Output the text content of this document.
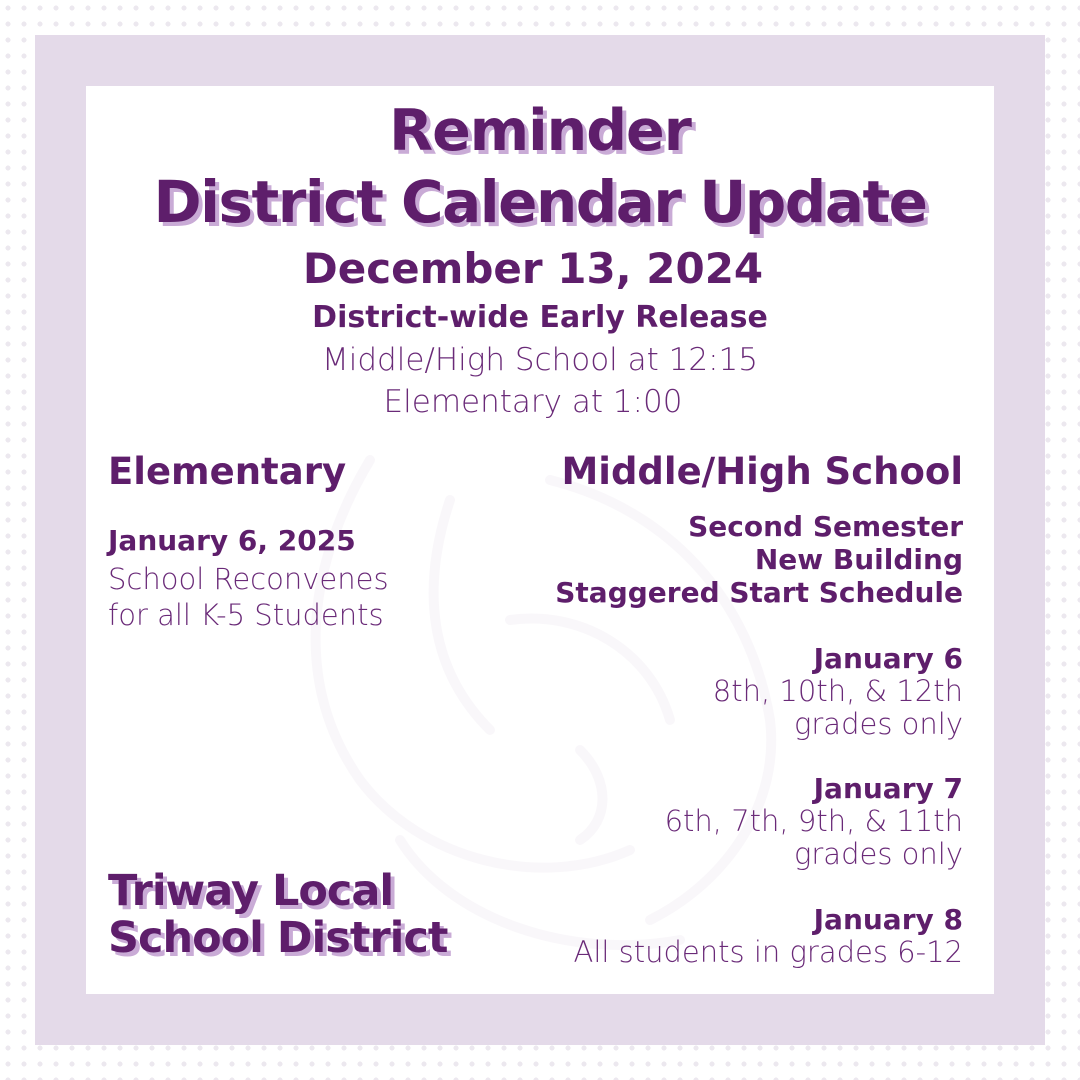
Reminder
District Calendar Update
December 13, 2024
District-wide Early Release
Middle/High School at 12:15
Elementary at 1:00
Elementary	Middle/High School
January 6, 2025
School Reconvenes
for all K-5 Students
Second Semester
New Building
Staggered Start Schedule
January 6
8th, 10th, & 12th
grades only
January 7
6th, 7th, 9th, & 11th
grades only
January 8
All students in grades 6-12
Triway Local
School District
